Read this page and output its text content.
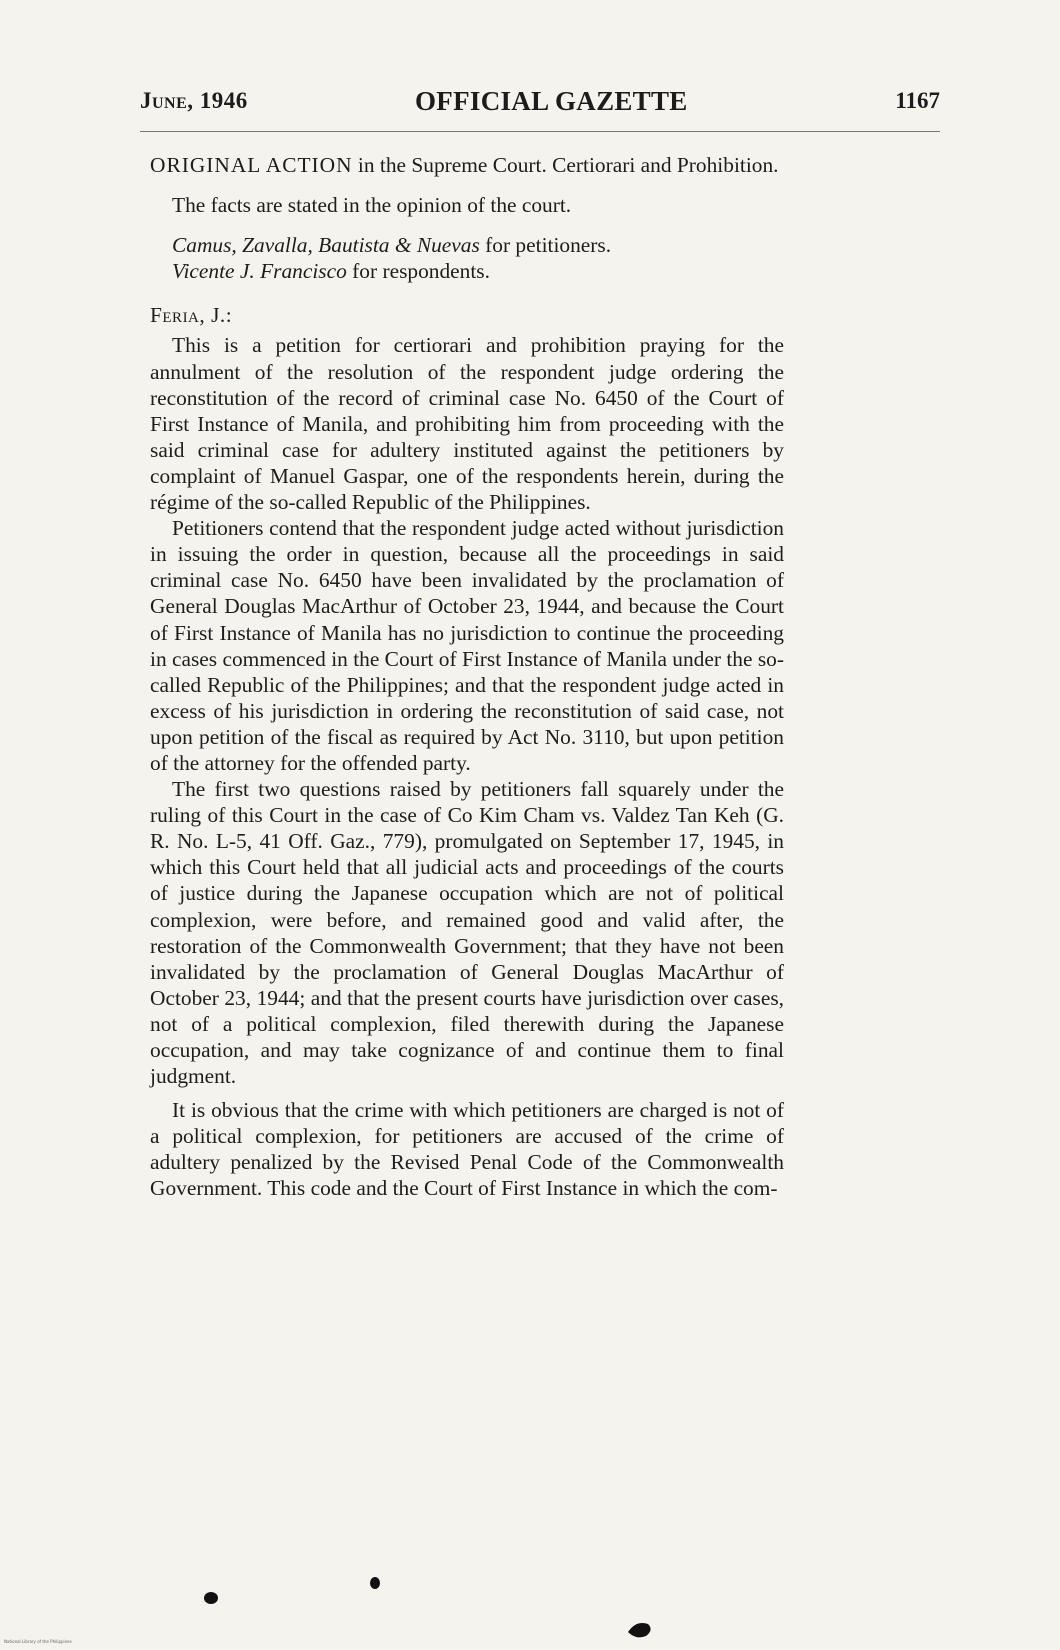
June, 1946	OFFICIAL GAZETTE	1167

ORIGINAL ACTION in the Supreme Court. Certiorari and Prohibition.

The facts are stated in the opinion of the court.

Camus, Zavalla, Bautista & Nuevas for petitioners.

Vicente J. Francisco for respondents.

Feria, J.:

This is a petition for certiorari and prohibition praying for the annulment of the resolution of the respondent judge ordering the reconstitution of the record of criminal case No. 6450 of the Court of First Instance of Manila, and prohibiting him from proceeding with the said criminal case for adultery instituted against the petitioners by complaint of Manuel Gaspar, one of the respondents herein, during the régime of the so-called Republic of the Philippines.

Petitioners contend that the respondent judge acted without jurisdiction in issuing the order in question, because all the proceedings in said criminal case No. 6450 have been invalidated by the proclamation of General Douglas MacArthur of October 23, 1944, and because the Court of First Instance of Manila has no jurisdiction to continue the proceeding in cases commenced in the Court of First Instance of Manila under the so-called Republic of the Philippines; and that the respondent judge acted in excess of his jurisdiction in ordering the reconstitution of said case, not upon petition of the fiscal as required by Act No. 3110, but upon petition of the attorney for the offended party.

The first two questions raised by petitioners fall squarely under the ruling of this Court in the case of Co Kim Cham vs. Valdez Tan Keh (G. R. No. L-5, 41 Off. Gaz., 779), promulgated on September 17, 1945, in which this Court held that all judicial acts and proceedings of the courts of justice during the Japanese occupation which are not of political complexion, were before, and remained good and valid after, the restoration of the Commonwealth Government; that they have not been invalidated by the proclamation of General Douglas MacArthur of October 23, 1944; and that the present courts have jurisdiction over cases, not of a political complexion, filed therewith during the Japanese occupation, and may take cognizance of and continue them to final judgment.

It is obvious that the crime with which petitioners are charged is not of a political complexion, for petitioners are accused of the crime of adultery penalized by the Revised Penal Code of the Commonwealth Government. This code and the Court of First Instance in which the com-

National Library of the Philippines
